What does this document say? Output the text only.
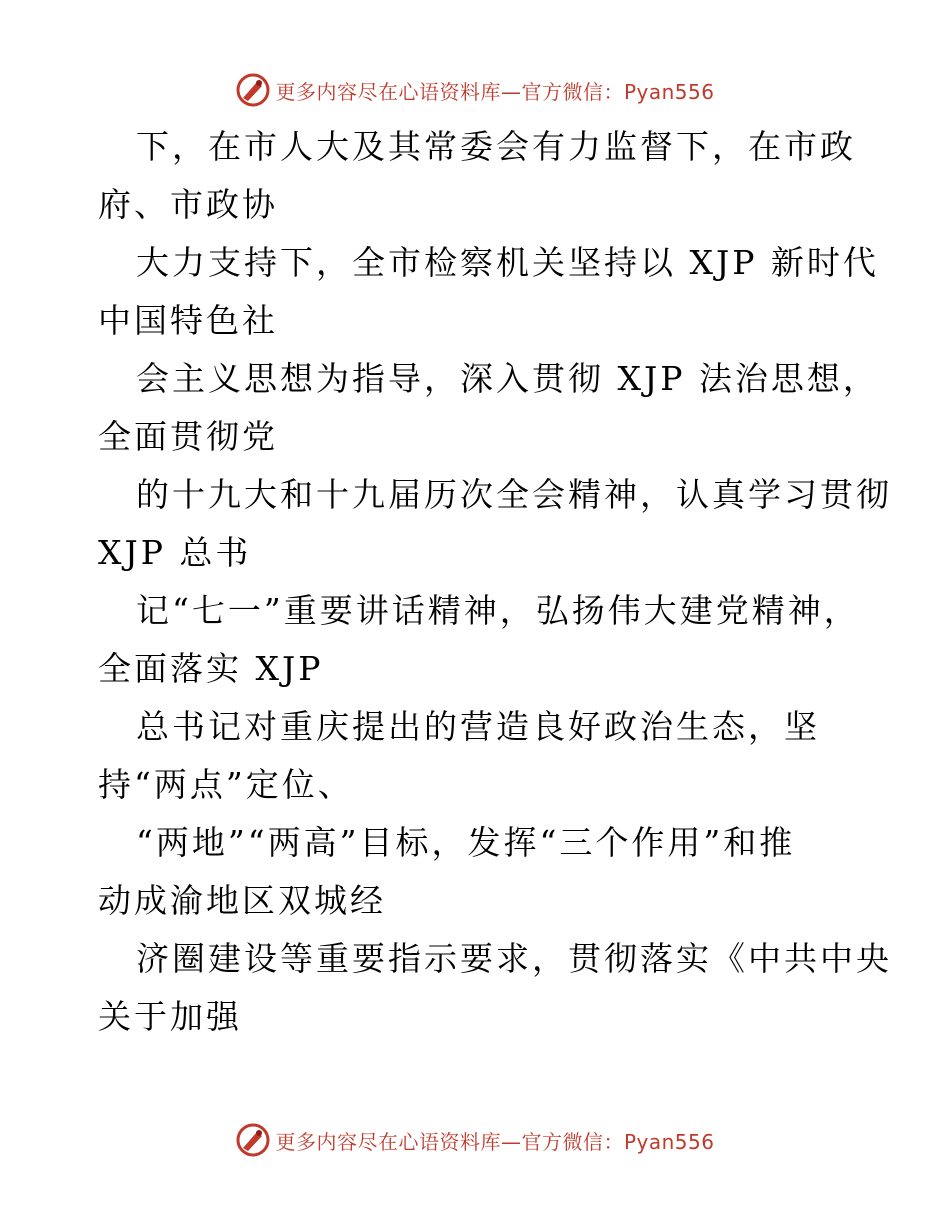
更多内容尽在心语资料库—官方微信：Pyan556
下，在市人大及其常委会有力监督下，在市政
府、市政协
大力支持下，全市检察机关坚持以 XJP 新时代
中国特色社
会主义思想为指导，深入贯彻 XJP 法治思想，
全面贯彻党
的十九大和十九届历次全会精神，认真学习贯彻
XJP 总书
记“七一”重要讲话精神，弘扬伟大建党精神，
全面落实 XJP
总书记对重庆提出的营造良好政治生态，坚
持“两点”定位、
“两地”“两高”目标，发挥“三个作用”和推
动成渝地区双城经
济圈建设等重要指示要求，贯彻落实《中共中央
关于加强
更多内容尽在心语资料库—官方微信：Pyan556
